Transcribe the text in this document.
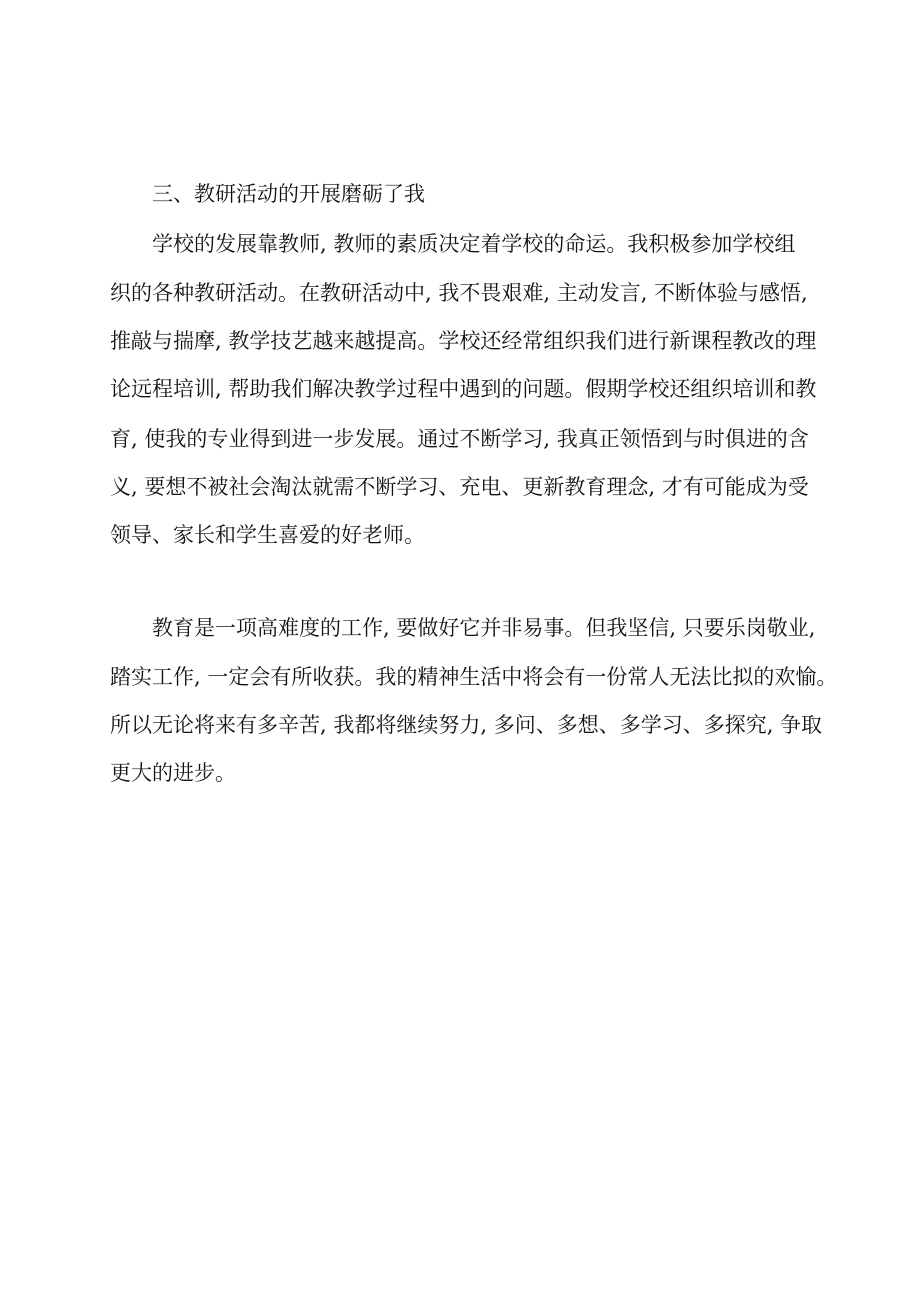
三、教研活动的开展磨砺了我
学校的发展靠教师, 教师的素质决定着学校的命运。我积极参加学校组
织的各种教研活动。在教研活动中, 我不畏艰难, 主动发言, 不断体验与感悟,
推敲与揣摩, 教学技艺越来越提高。学校还经常组织我们进行新课程教改的理
论远程培训, 帮助我们解决教学过程中遇到的问题。假期学校还组织培训和教
育, 使我的专业得到进一步发展。通过不断学习, 我真正领悟到与时俱进的含
义, 要想不被社会淘汰就需不断学习、充电、更新教育理念, 才有可能成为受
领导、家长和学生喜爱的好老师。
教育是一项高难度的工作, 要做好它并非易事。但我坚信, 只要乐岗敬业,
踏实工作, 一定会有所收获。我的精神生活中将会有一份常人无法比拟的欢愉。
所以无论将来有多辛苦, 我都将继续努力, 多问、多想、多学习、多探究, 争取
更大的进步。
